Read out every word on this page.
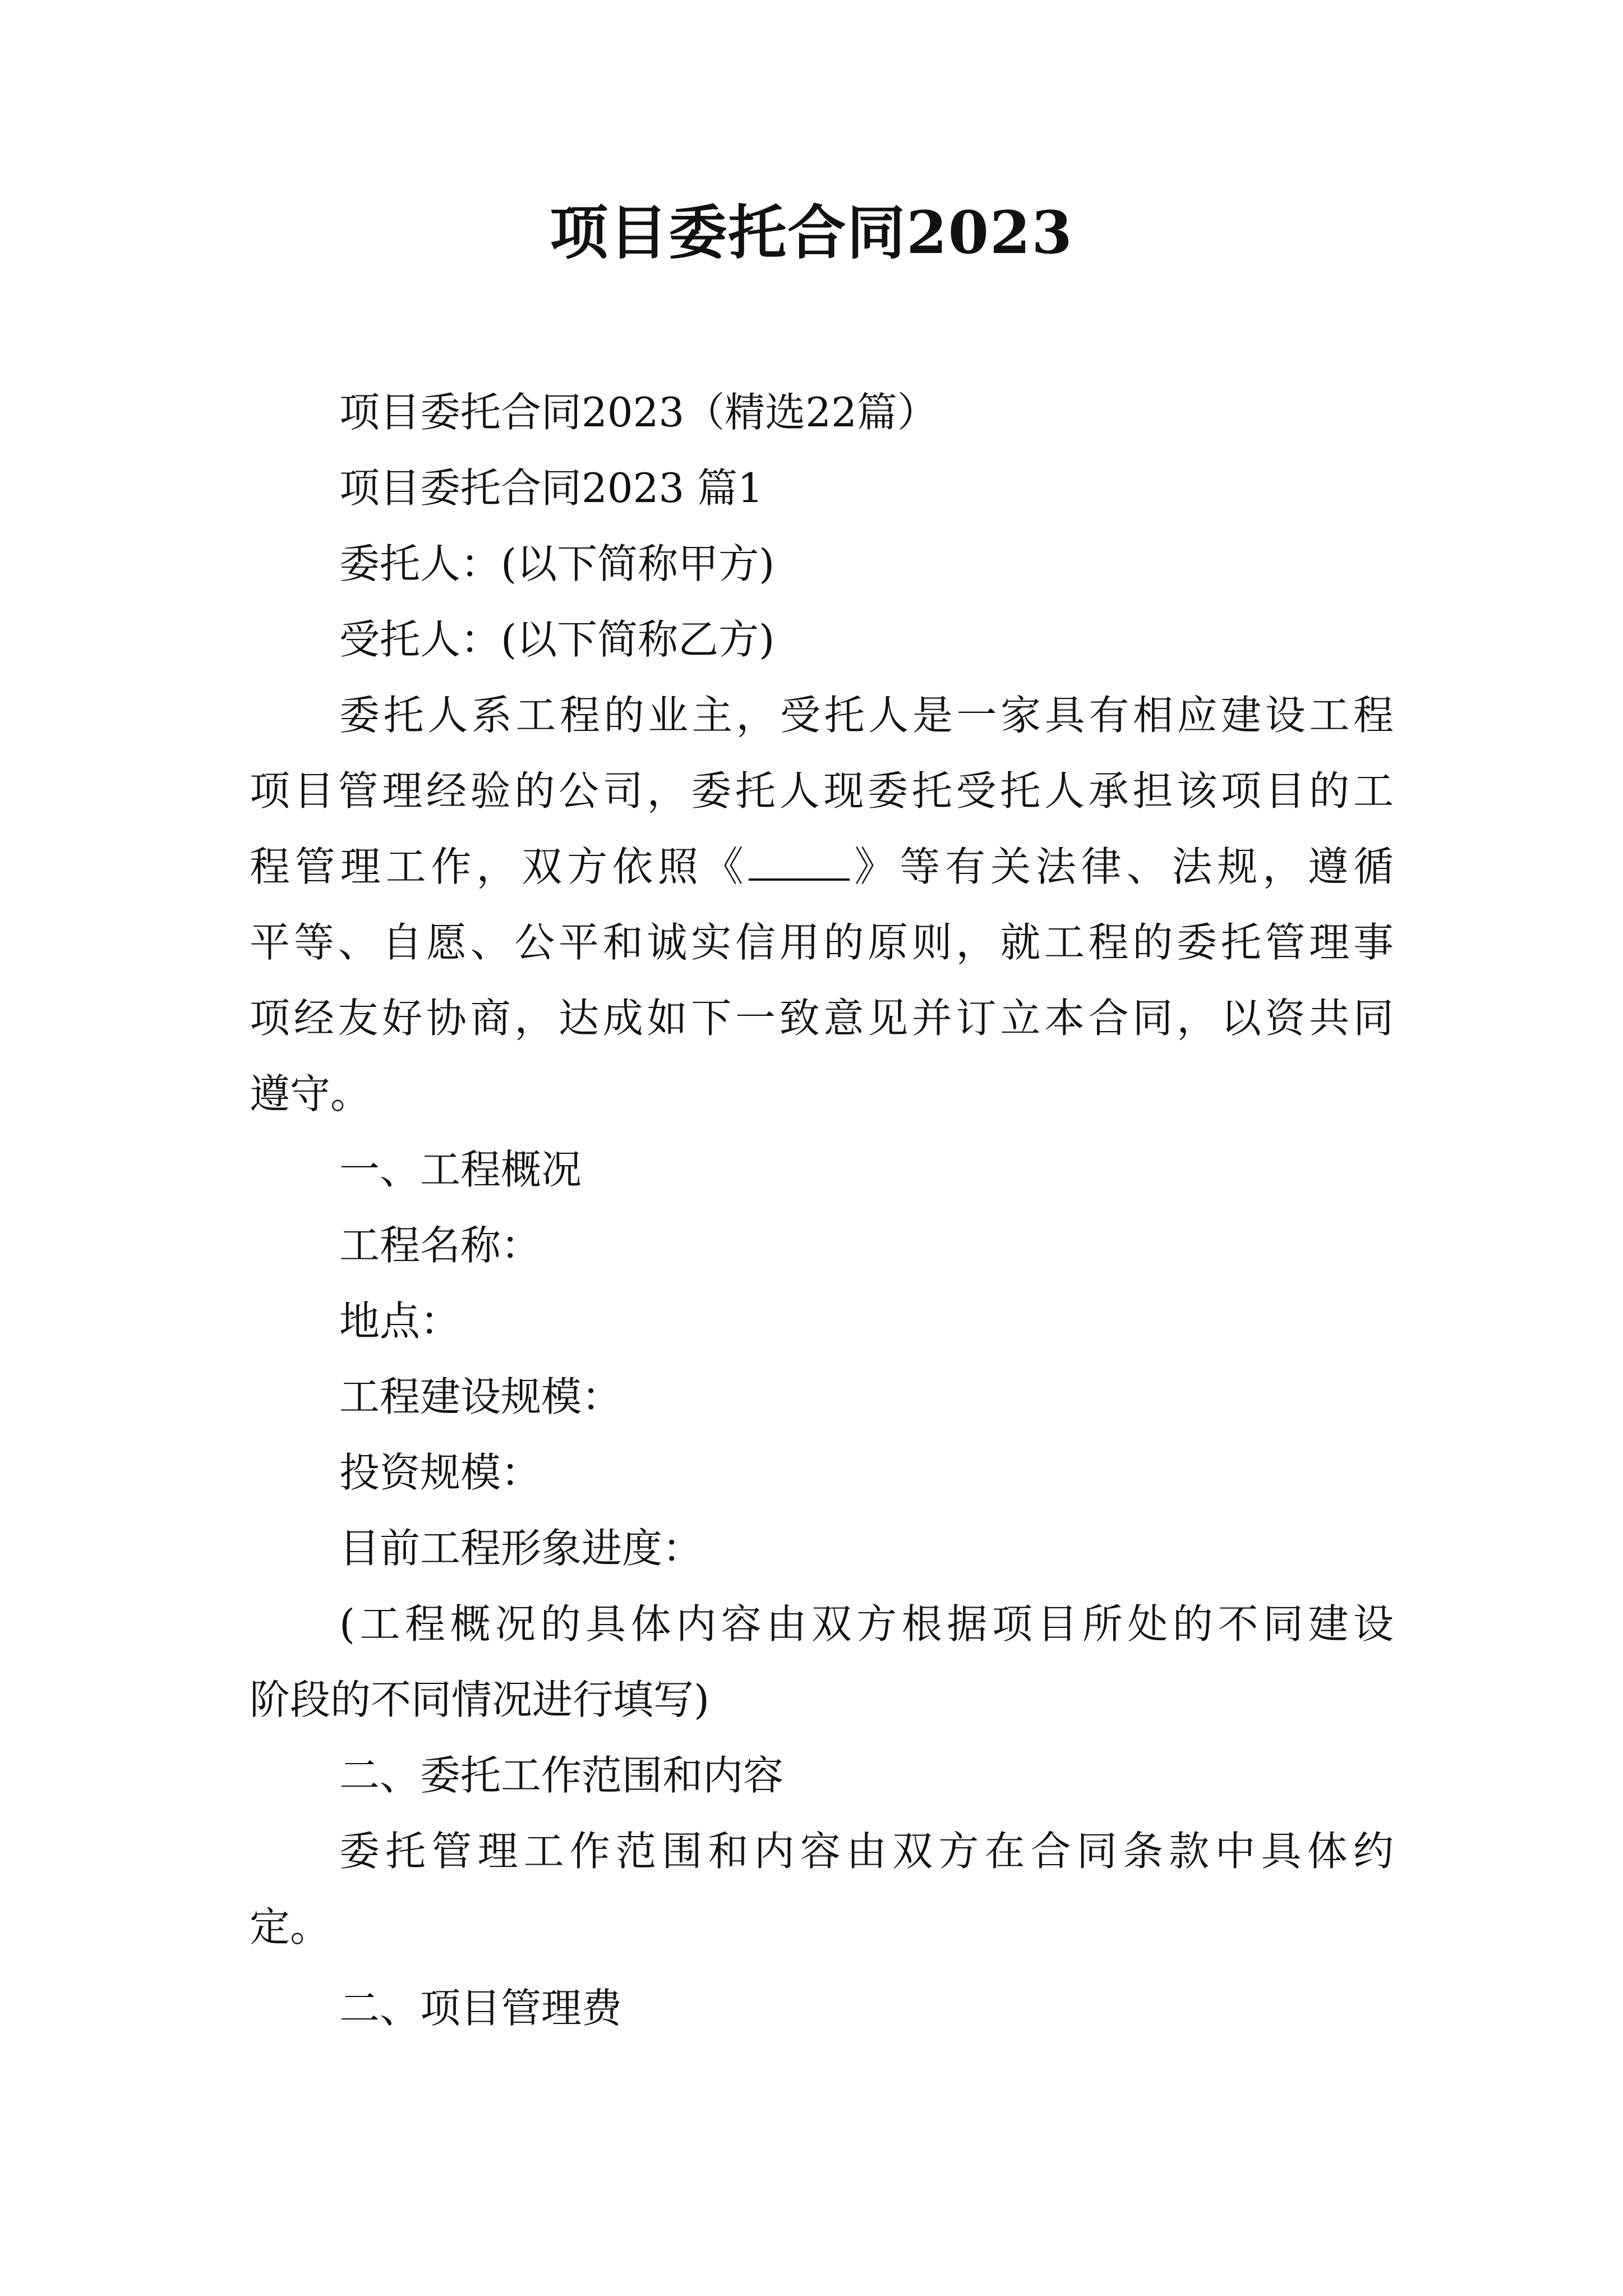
项目委托合同2023
项目委托合同2023（精选22篇）
项目委托合同2023 篇1
委托人：(以下简称甲方)
受托人：(以下简称乙方)
委托人系工程的业主，受托人是一家具有相应建设工程
项目管理经验的公司，委托人现委托受托人承担该项目的工
程管理工作，双方依照《	》等有关法律、法规，遵循
平等、自愿、公平和诚实信用的原则，就工程的委托管理事
项经友好协商，达成如下一致意见并订立本合同，以资共同
遵守。
一、工程概况
工程名称：
地点：
工程建设规模：
投资规模：
目前工程形象进度：
(工程概况的具体内容由双方根据项目所处的不同建设
阶段的不同情况进行填写)
二、委托工作范围和内容
委托管理工作范围和内容由双方在合同条款中具体约
定。
二、项目管理费
